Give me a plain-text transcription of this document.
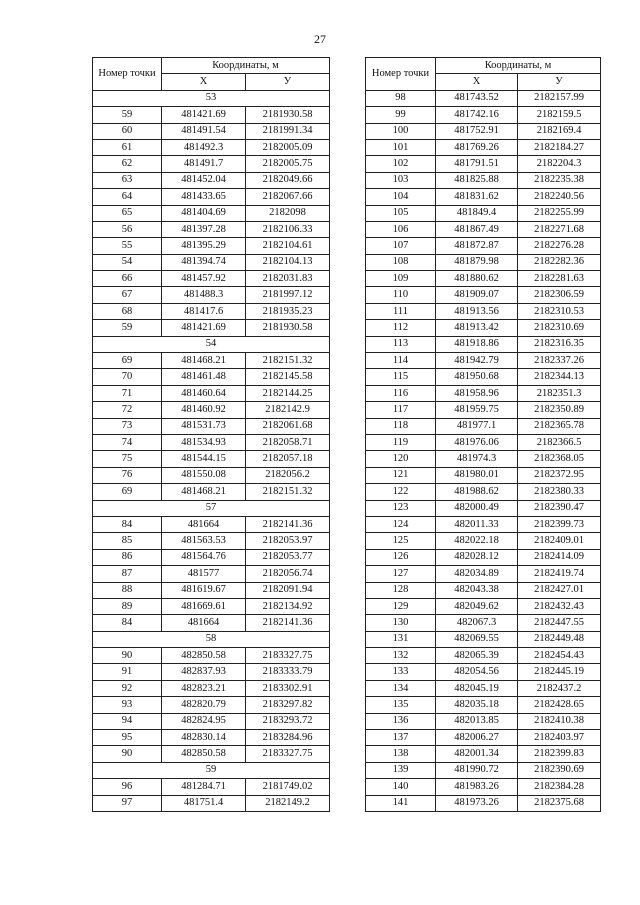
27
Номер точки	Координаты, м	
	X	У
53		
59	481421.69	2181930.58
60	481491.54	2181991.34
61	481492.3	2182005.09
62	481491.7	2182005.75
63	481452.04	2182049.66
64	481433.65	2182067.66
65	481404.69	2182098
56	481397.28	2182106.33
55	481395.29	2182104.61
54	481394.74	2182104.13
66	481457.92	2182031.83
67	481488.3	2181997.12
68	481417.6	2181935.23
59	481421.69	2181930.58
54		
69	481468.21	2182151.32
70	481461.48	2182145.58
71	481460.64	2182144.25
72	481460.92	2182142.9
73	481531.73	2182061.68
74	481534.93	2182058.71
75	481544.15	2182057.18
76	481550.08	2182056.2
69	481468.21	2182151.32
57		
84	481664	2182141.36
85	481563.53	2182053.97
86	481564.76	2182053.77
87	481577	2182056.74
88	481619.67	2182091.94
89	481669.61	2182134.92
84	481664	2182141.36
58		
90	482850.58	2183327.75
91	482837.93	2183333.79
92	482823.21	2183302.91
93	482820.79	2183297.82
94	482824.95	2183293.72
95	482830.14	2183284.96
90	482850.58	2183327.75
59		
96	481284.71	2181749.02
97	481751.4	2182149.2
Номер точки	Координаты, м	
	X	У
98	481743.52	2182157.99
99	481742.16	2182159.5
100	481752.91	2182169.4
101	481769.26	2182184.27
102	481791.51	2182204.3
103	481825.88	2182235.38
104	481831.62	2182240.56
105	481849.4	2182255.99
106	481867.49	2182271.68
107	481872.87	2182276.28
108	481879.98	2182282.36
109	481880.62	2182281.63
110	481909.07	2182306.59
111	481913.56	2182310.53
112	481913.42	2182310.69
113	481918.86	2182316.35
114	481942.79	2182337.26
115	481950.68	2182344.13
116	481958.96	2182351.3
117	481959.75	2182350.89
118	481977.1	2182365.78
119	481976.06	2182366.5
120	481974.3	2182368.05
121	481980.01	2182372.95
122	481988.62	2182380.33
123	482000.49	2182390.47
124	482011.33	2182399.73
125	482022.18	2182409.01
126	482028.12	2182414.09
127	482034.89	2182419.74
128	482043.38	2182427.01
129	482049.62	2182432.43
130	482067.3	2182447.55
131	482069.55	2182449.48
132	482065.39	2182454.43
133	482054.56	2182445.19
134	482045.19	2182437.2
135	482035.18	2182428.65
136	482013.85	2182410.38
137	482006.27	2182403.97
138	482001.34	2182399.83
139	481990.72	2182390.69
140	481983.26	2182384.28
141	481973.26	2182375.68
